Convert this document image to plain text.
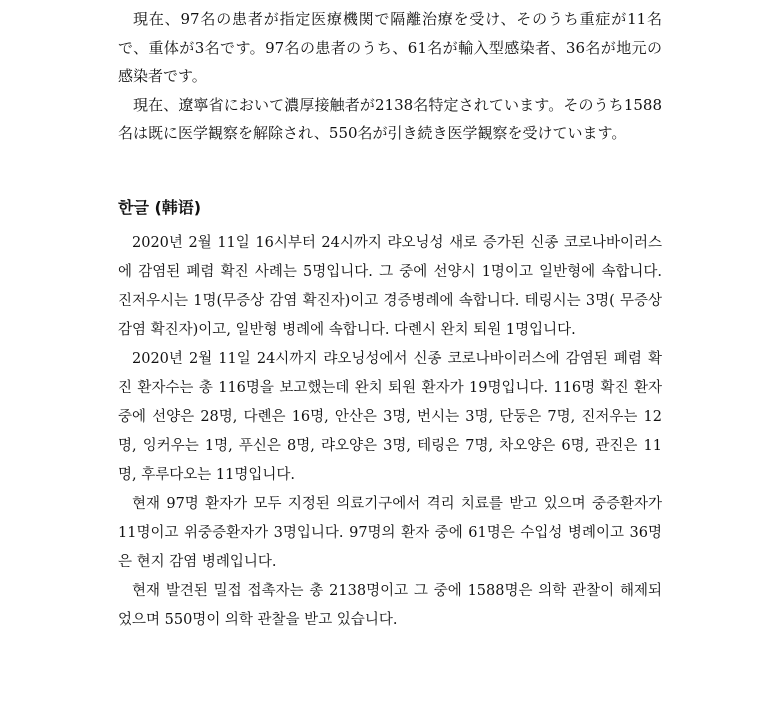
現在、97名の患者が指定医療機関で隔離治療を受け、そのうち重症が11名で、重体が3名です。97名の患者のうち、61名が輸入型感染者、36名が地元の感染者です。

現在、遼寧省において濃厚接触者が2138名特定されています。そのうち1588名は既に医学観察を解除され、550名が引き続き医学観察を受けています。

한글 (韩语)

2020년 2월 11일 16시부터 24시까지 랴오닝성 새로 증가된 신종 코로나바이러스에 감염된 폐렴 확진 사례는 5명입니다. 그 중에 선양시 1명이고 일반형에 속합니다. 진저우시는 1명(무증상 감염 확진자)이고 경증병례에 속합니다. 테링시는 3명( 무증상 감염 확진자)이고, 일반형 병례에 속합니다. 다롄시 완치 퇴원 1명입니다.

2020년 2월 11일 24시까지 랴오닝성에서 신종 코로나바이러스에 감염된 폐렴 확진 환자수는 총 116명을 보고했는데 완치 퇴원 환자가 19명입니다. 116명 확진 환자 중에 선양은 28명, 다롄은 16명, 안산은 3명, 번시는 3명, 단둥은 7명, 진저우는 12명, 잉커우는 1명, 푸신은 8명, 랴오양은 3명, 테링은 7명, 차오양은 6명, 관진은 11명, 후루다오는 11명입니다.

현재 97명 환자가 모두 지정된 의료기구에서 격리 치료를 받고 있으며 중증환자가 11명이고 위중증환자가 3명입니다. 97명의 환자 중에 61명은 수입성 병례이고 36명은 현지 감염 병례입니다.

현재 발견된 밀접 접촉자는 총 2138명이고 그 중에 1588명은 의학 관찰이 해제되었으며 550명이 의학 관찰을 받고 있습니다.
